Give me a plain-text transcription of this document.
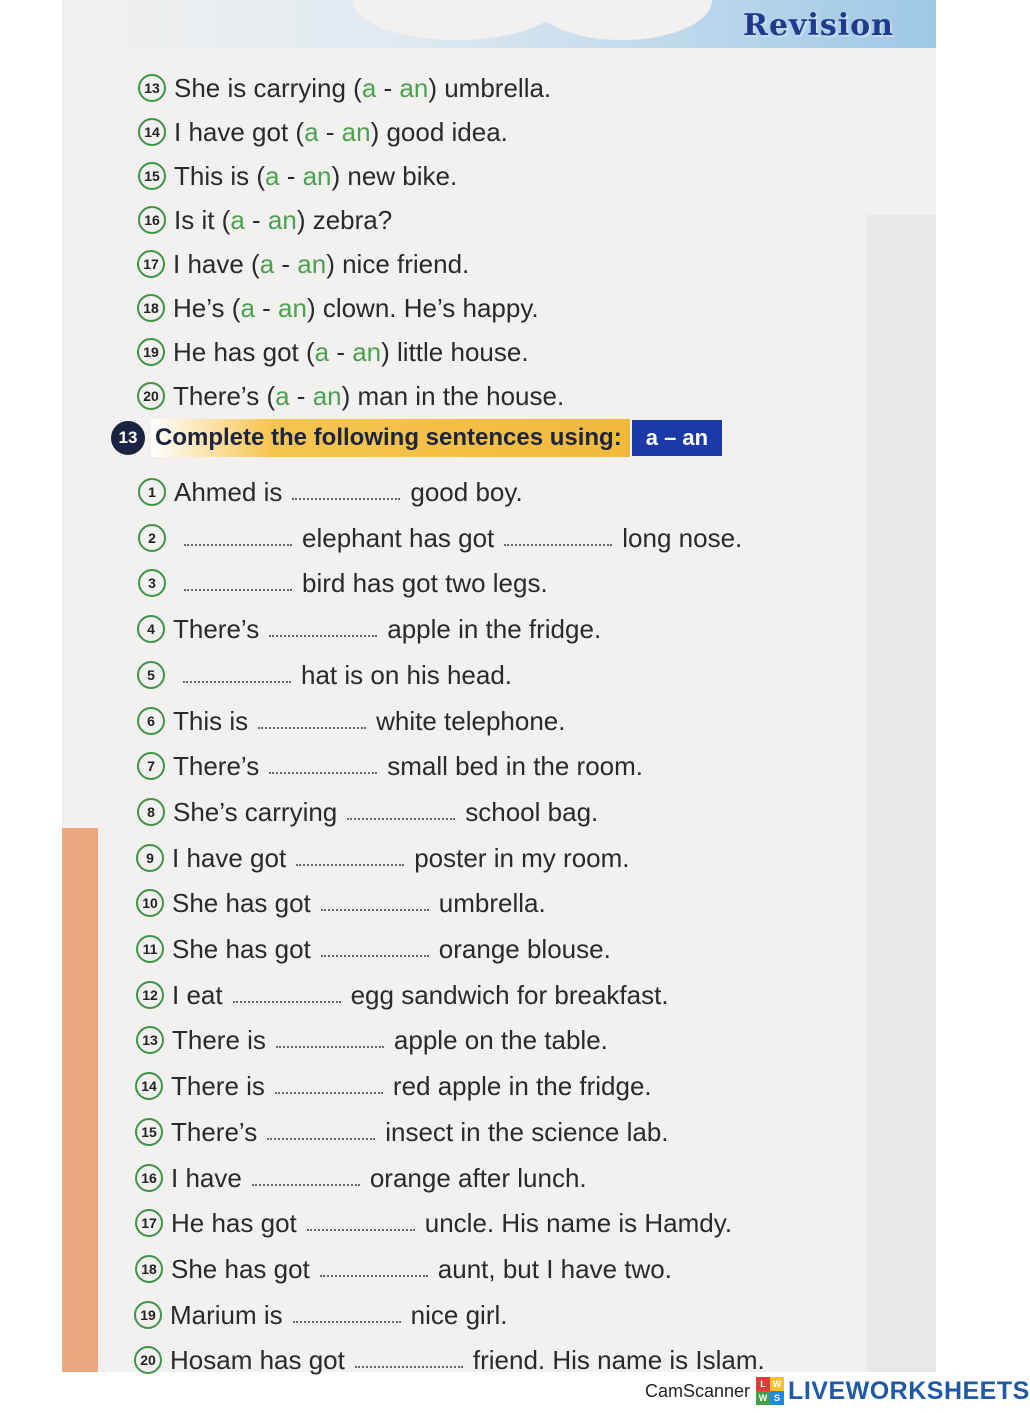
Revision
13 She is carrying ( a - an ) umbrella.
14 I have got ( a - an ) good idea.
15 This is ( a - an ) new bike.
16 Is it ( a - an ) zebra?
17 I have ( a - an ) nice friend.
18 He’s ( a - an ) clown. He’s happy.
19 He has got ( a - an ) little house.
20 There’s ( a - an ) man in the house.
13 Complete the following sentences using:	a – an
1 Ahmed is	good boy.
2	elephant has got	long nose.
3	bird has got two legs.
4 There’s	apple in the fridge.
5	hat is on his head.
6 This is	white telephone.
7 There’s	small bed in the room.
8 She’s carrying	school bag.
9 I have got	poster in my room.
10 She has got	umbrella.
11 She has got	orange blouse.
12 I eat	egg sandwich for breakfast.
13 There is	apple on the table.
14 There is	red apple in the fridge.
15 There’s	insect in the science lab.
16 I have	orange after lunch.
17 He has got	uncle. His name is Hamdy.
18 She has got	aunt, but I have two.
19 Marium is	nice girl.
20 Hosam has got	friend. His name is Islam.
CamScanner	L W
W S LIVEWORKSHEETS
